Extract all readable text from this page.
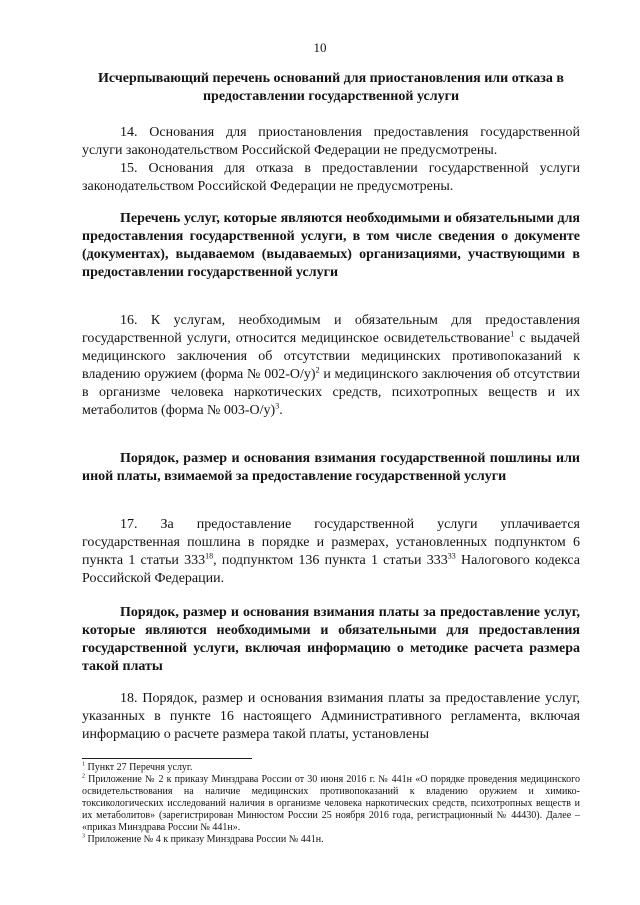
10
Исчерпывающий перечень оснований для приостановления или отказа в предоставлении государственной услуги
14. Основания для приостановления предоставления государственной услуги законодательством Российской Федерации не предусмотрены.
15. Основания для отказа в предоставлении государственной услуги законодательством Российской Федерации не предусмотрены.
Перечень услуг, которые являются необходимыми и обязательными для предоставления государственной услуги, в том числе сведения о документе (документах), выдаваемом (выдаваемых) организациями, участвующими в предоставлении государственной услуги
16. К услугам, необходимым и обязательным для предоставления государственной услуги, относится медицинское освидетельствование$^1$ с выдачей медицинского заключения об отсутствии медицинских противопоказаний к владению оружием (форма № 002-О/у)$^2$ и медицинского заключения об отсутствии в организме человека наркотических средств, психотропных веществ и их метаболитов (форма № 003-О/у)$^3$.
Порядок, размер и основания взимания государственной пошлины или иной платы, взимаемой за предоставление государственной услуги
17. За предоставление государственной услуги уплачивается государственная пошлина в порядке и размерах, установленных подпунктом 6 пункта 1 статьи $333^{18}$, подпунктом 136 пункта 1 статьи $333^{33}$ Налогового кодекса Российской Федерации.
Порядок, размер и основания взимания платы за предоставление услуг, которые являются необходимыми и обязательными для предоставления государственной услуги, включая информацию о методике расчета размера такой платы
18. Порядок, размер и основания взимания платы за предоставление услуг, указанных в пункте 16 настоящего Административного регламента, включая информацию о расчете размера такой платы, установлены
$^1$ Пункт 27 Перечня услуг.
$^2$ Приложение № 2 к приказу Минздрава России от 30 июня 2016 г. № 441н «О порядке проведения медицинского освидетельствования на наличие медицинских противопоказаний к владению оружием и химико-токсикологических исследований наличия в организме человека наркотических средств, психотропных веществ и их метаболитов» (зарегистрирован Минюстом России 25 ноября 2016 года, регистрационный № 44430). Далее – «приказ Минздрава России № 441н».
$^3$ Приложение № 4 к приказу Минздрава России № 441н.
